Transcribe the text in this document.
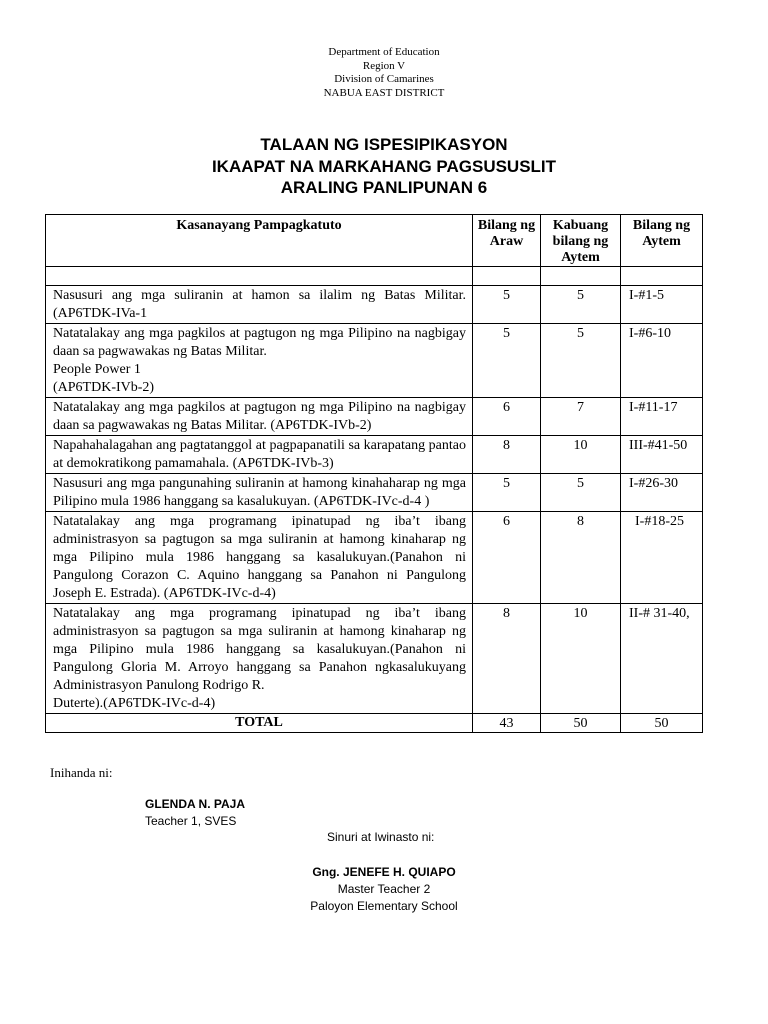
Department of Education
Region V
Division of Camarines
NABUA EAST DISTRICT
TALAAN NG ISPESIPIKASYON
IKAAPAT NA MARKAHANG PAGSUSUSLIT
ARALING PANLIPUNAN 6
Kasanayang Pampagkatuto	Bilang ng Araw	Kabuang bilang ng Aytem	Bilang ng Aytem

Nasusuri ang mga suliranin at hamon sa ilalim ng Batas Militar. (AP6TDK-IVa-1	5	5	I-#1-5

Natatalakay ang mga pagkilos at pagtugon ng mga Pilipino na nagbigay daan sa pagwawakas ng Batas Militar.
People Power 1
(AP6TDK-IVb-2)	5	5	I-#6-10
Natatalakay ang mga pagkilos at pagtugon ng mga Pilipino na nagbigay daan sa pagwawakas ng Batas Militar. (AP6TDK-IVb-2)	6	7	I-#11-17
Napahahalagahan ang pagtatanggol at pagpapanatili sa karapatang pantao at demokratikong pamamahala. (AP6TDK-IVb-3)	8	10	III-#41-50
Nasusuri ang mga pangunahing suliranin at hamong kinahaharap ng mga Pilipino mula 1986 hanggang sa kasalukuyan. (AP6TDK-IVc-d-4 )	5	5	I-#26-30
Natatalakay ang mga programang ipinatupad ng iba’t ibang administrasyon sa pagtugon sa mga suliranin at hamong kinaharap ng mga Pilipino mula 1986 hanggang sa kasalukuyan.(Panahon ni Pangulong Corazon C. Aquino hanggang sa Panahon ni Pangulong Joseph E. Estrada). (AP6TDK-IVc-d-4)	6	8	I-#18-25

Natatalakay ang mga programang ipinatupad ng iba’t ibang administrasyon sa pagtugon sa mga suliranin at hamong kinaharap ng mga Pilipino mula 1986 hanggang sa kasalukuyan.(Panahon ni Pangulong Gloria M. Arroyo hanggang sa Panahon ngkasalukuyang Administrasyon Panulong Rodrigo R.
Duterte).(AP6TDK-IVc-d-4)	8	10	II-# 31-40,
TOTAL	43	50	50
Inihanda ni:
GLENDA N. PAJA
Teacher 1, SVES
Sinuri at Iwinasto ni:
Gng. JENEFE H. QUIAPO
Master Teacher 2
Paloyon Elementary School
